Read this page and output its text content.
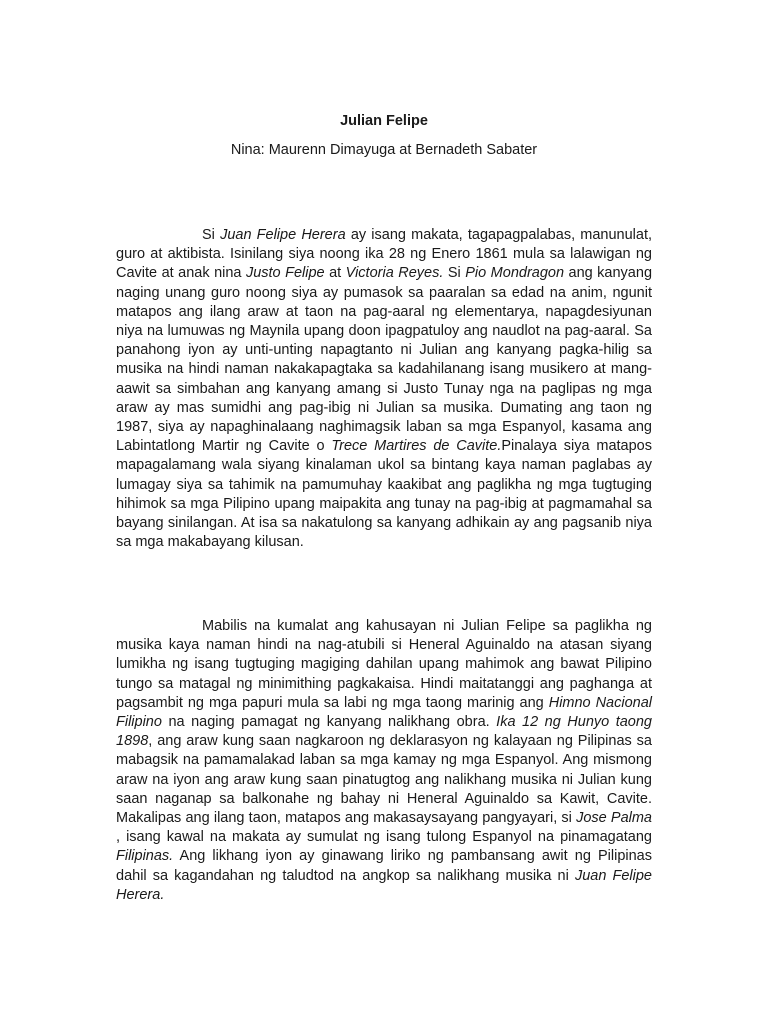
Julian Felipe
Nina: Maurenn Dimayuga at Bernadeth Sabater

Si Juan Felipe Herera ay isang makata, tagapagpalabas, manunulat, guro at aktibista. Isinilang siya noong ika 28 ng Enero 1861 mula sa lalawigan ng Cavite at anak nina Justo Felipe at Victoria Reyes. Si Pio Mondragon ang kanyang naging unang guro noong siya ay pumasok sa paaralan sa edad na anim, ngunit matapos ang ilang araw at taon na pag-aaral ng elementarya, napagdesiyunan niya na lumuwas ng Maynila upang doon ipagpatuloy ang naudlot na pag-aaral. Sa panahong iyon ay unti-unting napagtanto ni Julian ang kanyang pagka-hilig sa musika na hindi naman nakakapagtaka sa kadahilanang isang musikero at mang-aawit sa simbahan ang kanyang amang si Justo Tunay nga na paglipas ng mga araw ay mas sumidhi ang pag-ibig ni Julian sa musika. Dumating ang taon ng 1987, siya ay napaghinalaang naghimagsik laban sa mga Espanyol, kasama ang Labintatlong Martir ng Cavite o Trece Martires de Cavite.Pinalaya siya matapos mapagalamang wala siyang kinalaman ukol sa bintang kaya naman paglabas ay lumagay siya sa tahimik na pamumuhay kaakibat ang paglikha ng mga tugtuging hihimok sa mga Pilipino upang maipakita ang tunay na pag-ibig at pagmamahal sa bayang sinilangan. At isa sa nakatulong sa kanyang adhikain ay ang pagsanib niya sa mga makabayang kilusan.

Mabilis na kumalat ang kahusayan ni Julian Felipe sa paglikha ng musika kaya naman hindi na nag-atubili si Heneral Aguinaldo na atasan siyang lumikha ng isang tugtuging magiging dahilan upang mahimok ang bawat Pilipino tungo sa matagal ng minimithing pagkakaisa. Hindi maitatanggi ang paghanga at pagsambit ng mga papuri mula sa labi ng mga taong marinig ang Himno Nacional Filipino na naging pamagat ng kanyang nalikhang obra. Ika 12 ng Hunyo taong 1898, ang araw kung saan nagkaroon ng deklarasyon ng kalayaan ng Pilipinas sa mabagsik na pamamalakad laban sa mga kamay ng mga Espanyol. Ang mismong araw na iyon ang araw kung saan pinatugtog ang nalikhang musika ni Julian kung saan naganap sa balkonahe ng bahay ni Heneral Aguinaldo sa Kawit, Cavite. Makalipas ang ilang taon, matapos ang makasaysayang pangyayari, si Jose Palma , isang kawal na makata ay sumulat ng isang tulong Espanyol na pinamagatang Filipinas. Ang likhang iyon ay ginawang liriko ng pambansang awit ng Pilipinas dahil sa kagandahan ng taludtod na angkop sa nalikhang musika ni Juan Felipe Herera.
